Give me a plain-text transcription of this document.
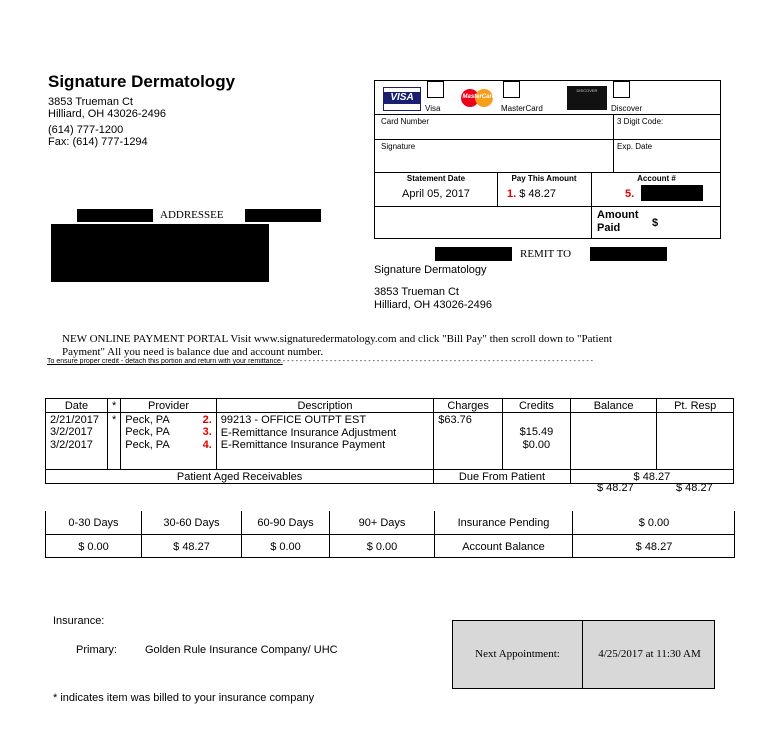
Signature Dermatology
3853 Trueman Ct
Hilliard, OH 43026-2496
(614) 777-1200
Fax: (614) 777-1294
VISA
Visa
MasterCard
MasterCard
DISCOVER
Discover
Card Number	3 Digit Code:
Signature	Exp. Date
Statement Date
April 05, 2017
Pay This Amount
1. $ 48.27
Account #
5.
Amount
Paid	$
ADDRESSEE
REMIT TO
Signature Dermatology
3853 Trueman Ct
Hilliard, OH 43026-2496
NEW ONLINE PAYMENT PORTAL Visit www.signaturedermatology.com and click "Bill Pay" then scroll down to "Patient
Payment" All you need is balance due and account number.
To ensure proper credit - detach this portion and return with your remittance.- - - - - - - - - - - - - - - - - - - - - - - - - - - - - - - - - - - - - - - - - - - - - - - - - - - - - - - - - - - - - - - - - - - - - - - - -
Date	*	Provider	Description	Charges	Credits	Balance	Pt. Resp
2/21/2017	*	Peck, PA 2.	99213 - OFFICE OUTPT EST	$63.76			
3/2/2017		Peck, PA 3.	E-Remittance Insurance Adjustment		$15.49		
3/2/2017		Peck, PA 4.	E-Remittance Insurance Payment		$0.00		
Patient Aged Receivables				Due From Patient		$ 48.27	
$ 48.27	$ 48.27
0-30 Days	30-60 Days	60-90 Days	90+ Days	Insurance Pending	$ 0.00
$ 0.00	$ 48.27	$ 0.00	$ 0.00	Account Balance	$ 48.27
Insurance:
Primary:	Golden Rule Insurance Company/ UHC
* indicates item was billed to your insurance company
Next Appointment:	4/25/2017 at 11:30 AM
